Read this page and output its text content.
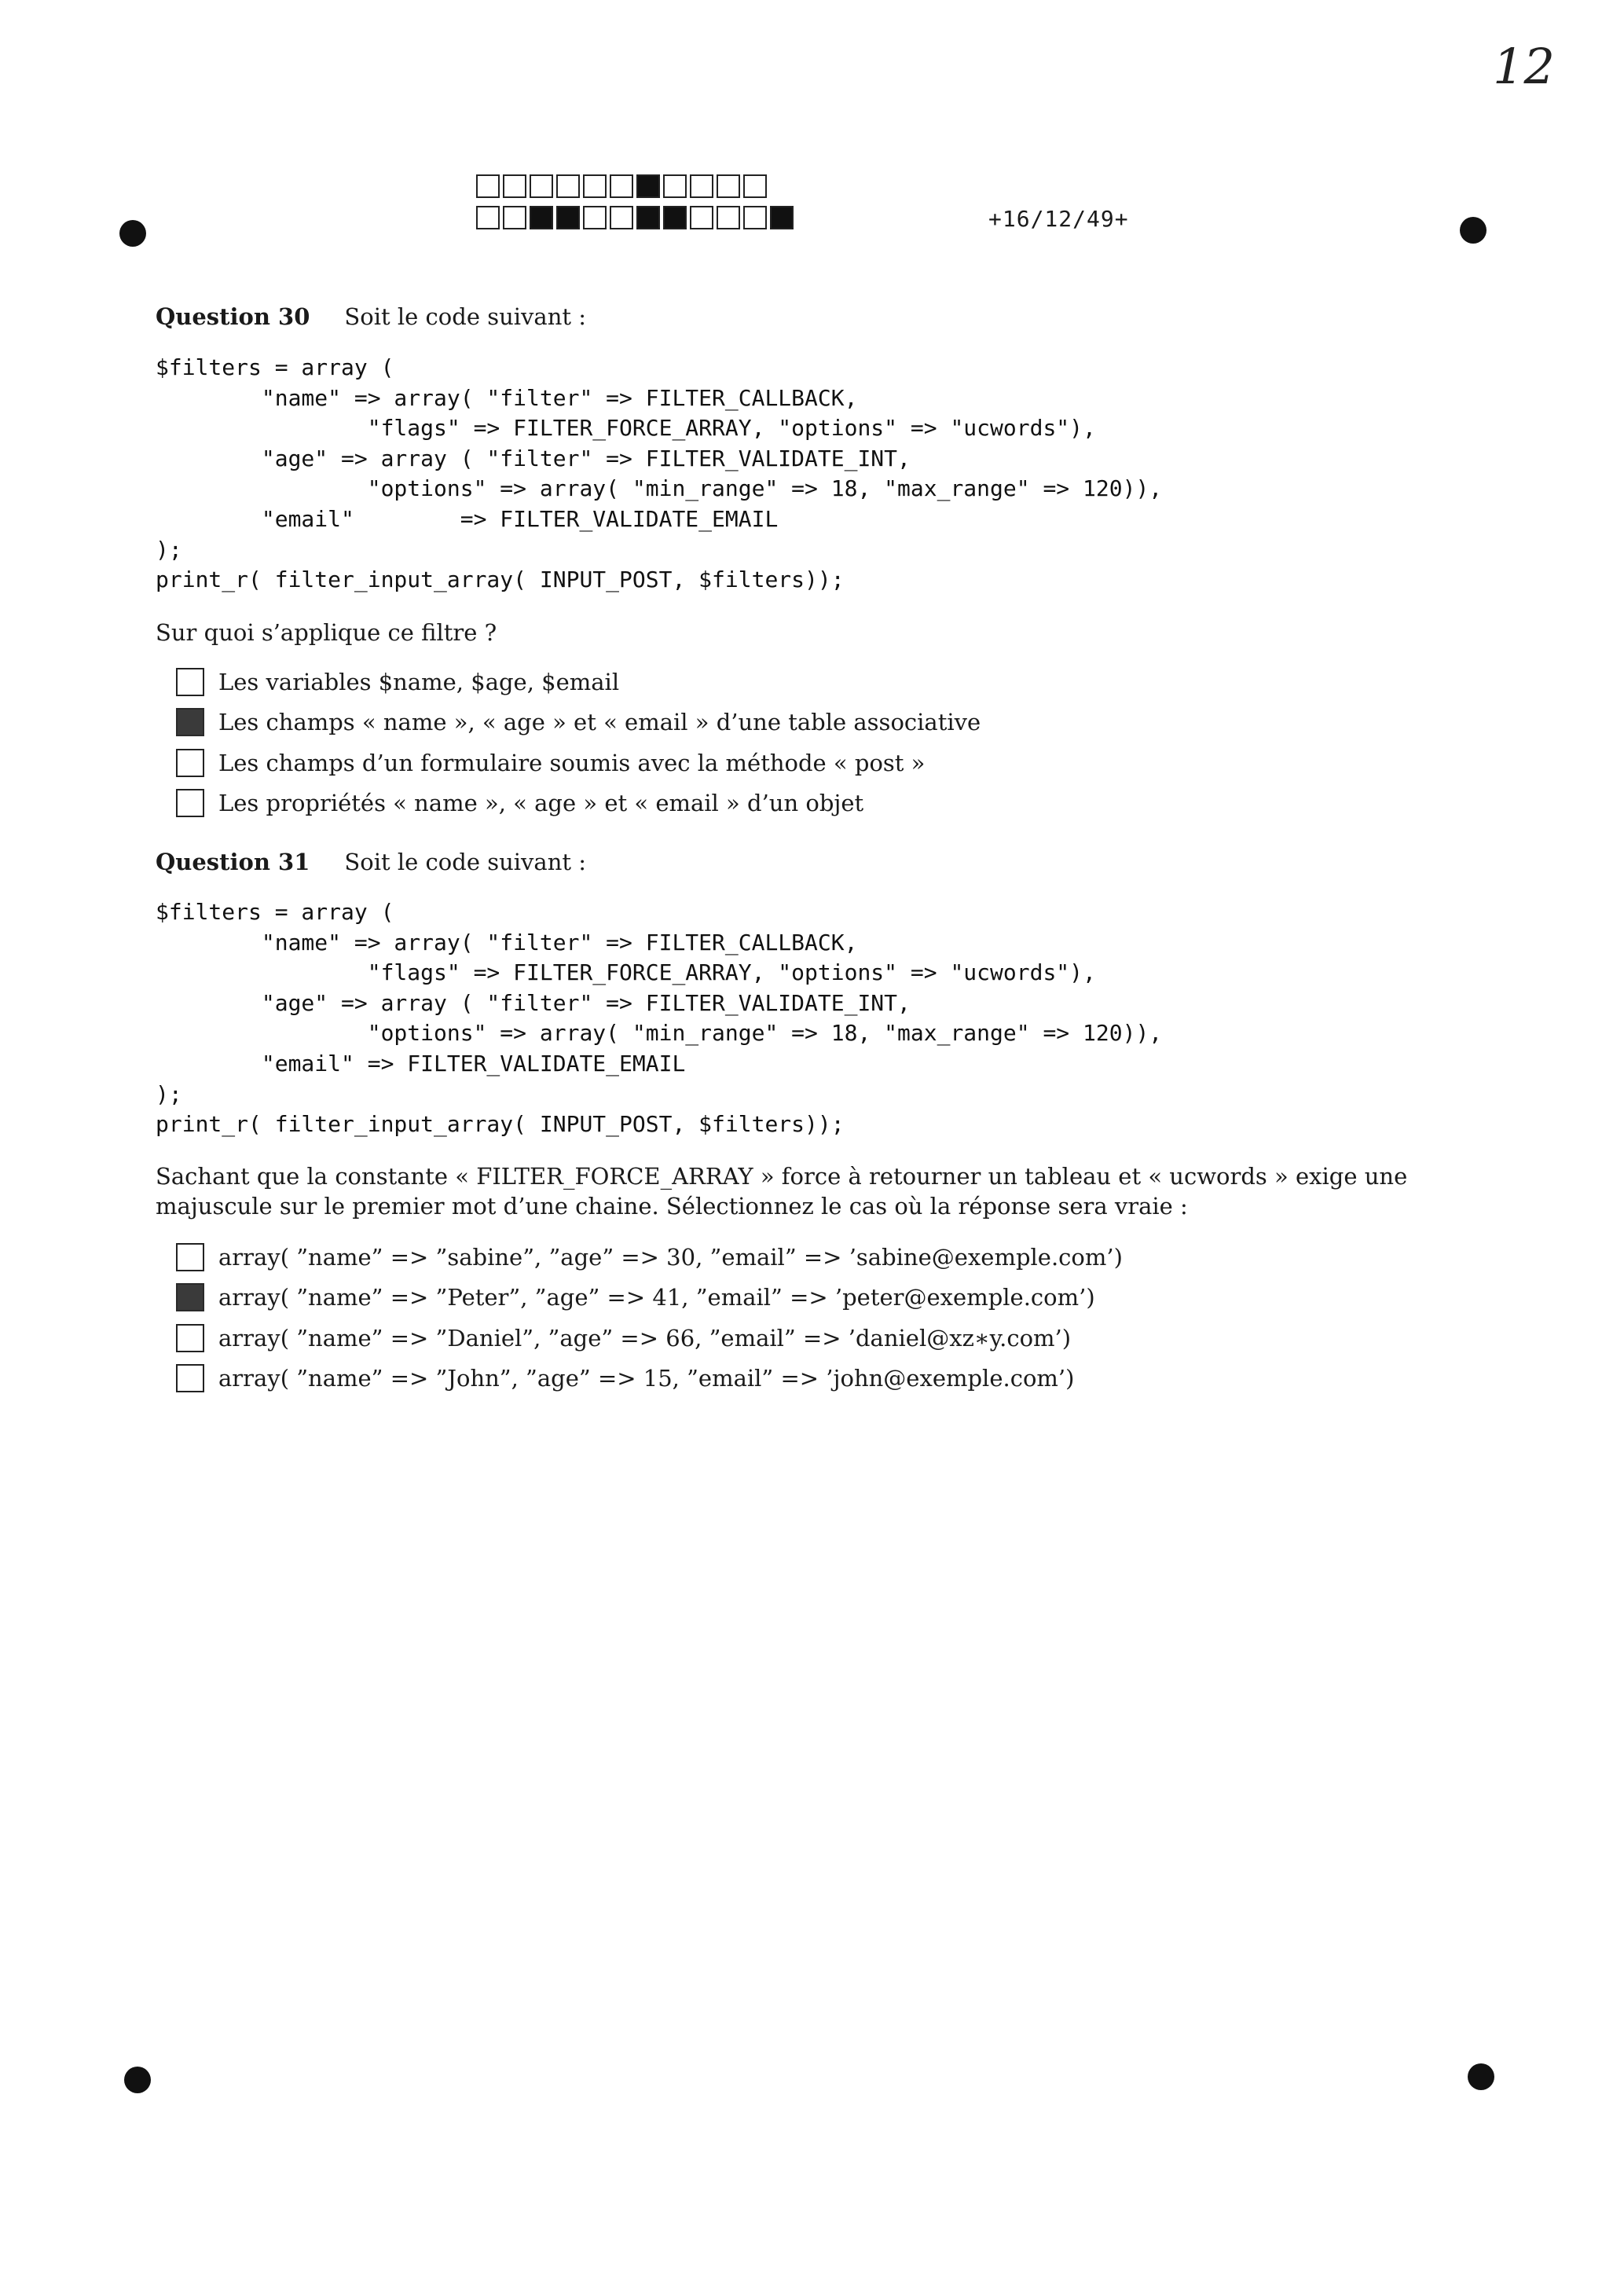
12
+16/12/49+
Question 30 Soit le code suivant :
$filters = array (
"name" => array( "filter" => FILTER_CALLBACK,
"flags" => FILTER_FORCE_ARRAY, "options" => "ucwords"),
"age" => array ( "filter" => FILTER_VALIDATE_INT,
"options" => array( "min_range" => 18, "max_range" => 120)),
"email"        => FILTER_VALIDATE_EMAIL
);
print_r( filter_input_array( INPUT_POST, $filters));
Sur quoi s’applique ce filtre ?
Les variables $name, $age, $email
Les champs « name », « age » et « email » d’une table associative
Les champs d’un formulaire soumis avec la méthode « post »
Les propriétés « name », « age » et « email » d’un objet
Question 31 Soit le code suivant :
$filters = array (
"name" => array( "filter" => FILTER_CALLBACK,
"flags" => FILTER_FORCE_ARRAY, "options" => "ucwords"),
"age" => array ( "filter" => FILTER_VALIDATE_INT,
"options" => array( "min_range" => 18, "max_range" => 120)),
"email" => FILTER_VALIDATE_EMAIL
);
print_r( filter_input_array( INPUT_POST, $filters));
Sachant que la constante « FILTER_FORCE_ARRAY » force à retourner un tableau et « ucwords » exige une majuscule sur le premier mot d’une chaine. Sélectionnez le cas où la réponse sera vraie :
array( ”name” => ”sabine”, ”age” => 30, ”email” => ’sabine@exemple.com’)
array( ”name” => ”Peter”, ”age” => 41, ”email” => ’peter@exemple.com’)
array( ”name” => ”Daniel”, ”age” => 66, ”email” => ’daniel@xz∗y.com’)
array( ”name” => ”John”, ”age” => 15, ”email” => ’john@exemple.com’)
